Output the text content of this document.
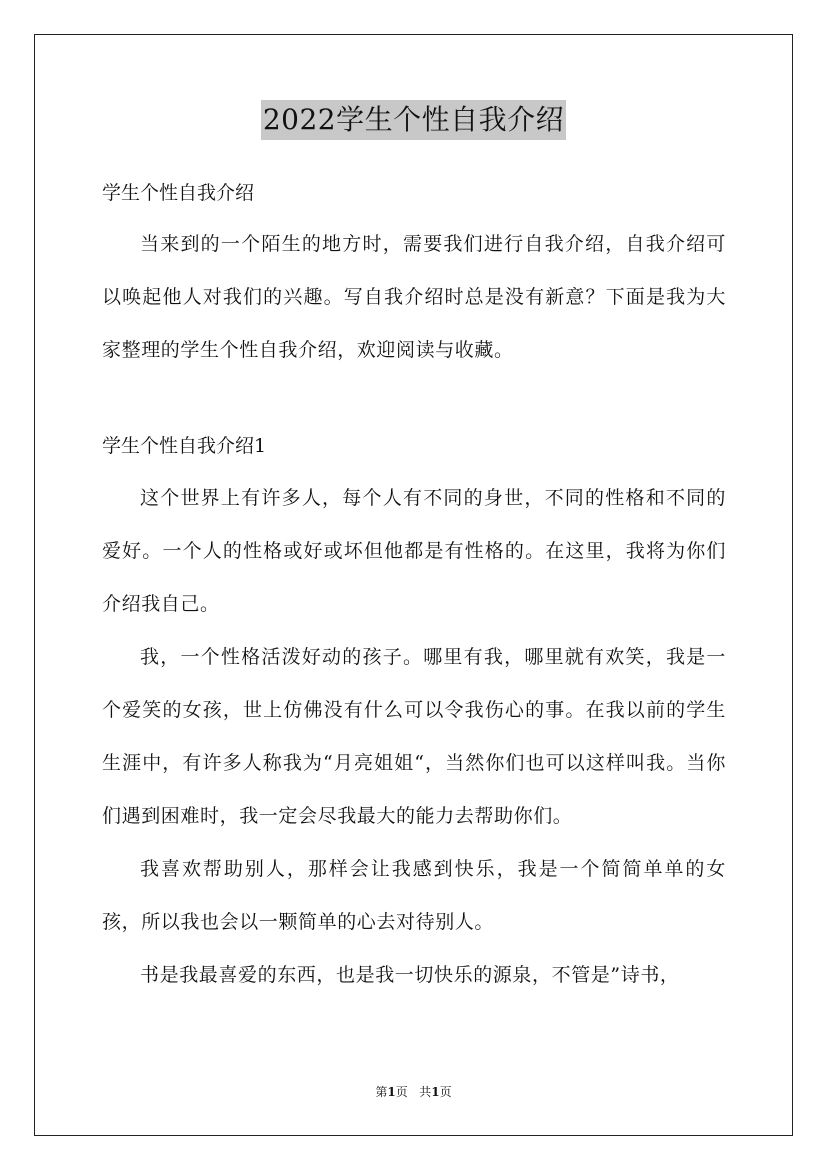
2022学生个性自我介绍

学生个性自我介绍

当来到的一个陌生的地方时，需要我们进行自我介绍，自我介绍可以唤起他人对我们的兴趣。写自我介绍时总是没有新意？下面是我为大家整理的学生个性自我介绍，欢迎阅读与收藏。

学生个性自我介绍1

这个世界上有许多人，每个人有不同的身世，不同的性格和不同的爱好。一个人的性格或好或坏但他都是有性格的。在这里，我将为你们介绍我自己。

我，一个性格活泼好动的孩子。哪里有我，哪里就有欢笑，我是一个爱笑的女孩，世上仿佛没有什么可以令我伤心的事。在我以前的学生生涯中，有许多人称我为“月亮姐姐“，当然你们也可以这样叫我。当你们遇到困难时，我一定会尽我最大的能力去帮助你们。

我喜欢帮助别人，那样会让我感到快乐，我是一个简简单单的女孩，所以我也会以一颗简单的心去对待别人。

书是我最喜爱的东西，也是我一切快乐的源泉，不管是”诗书，

第1页 共1页
